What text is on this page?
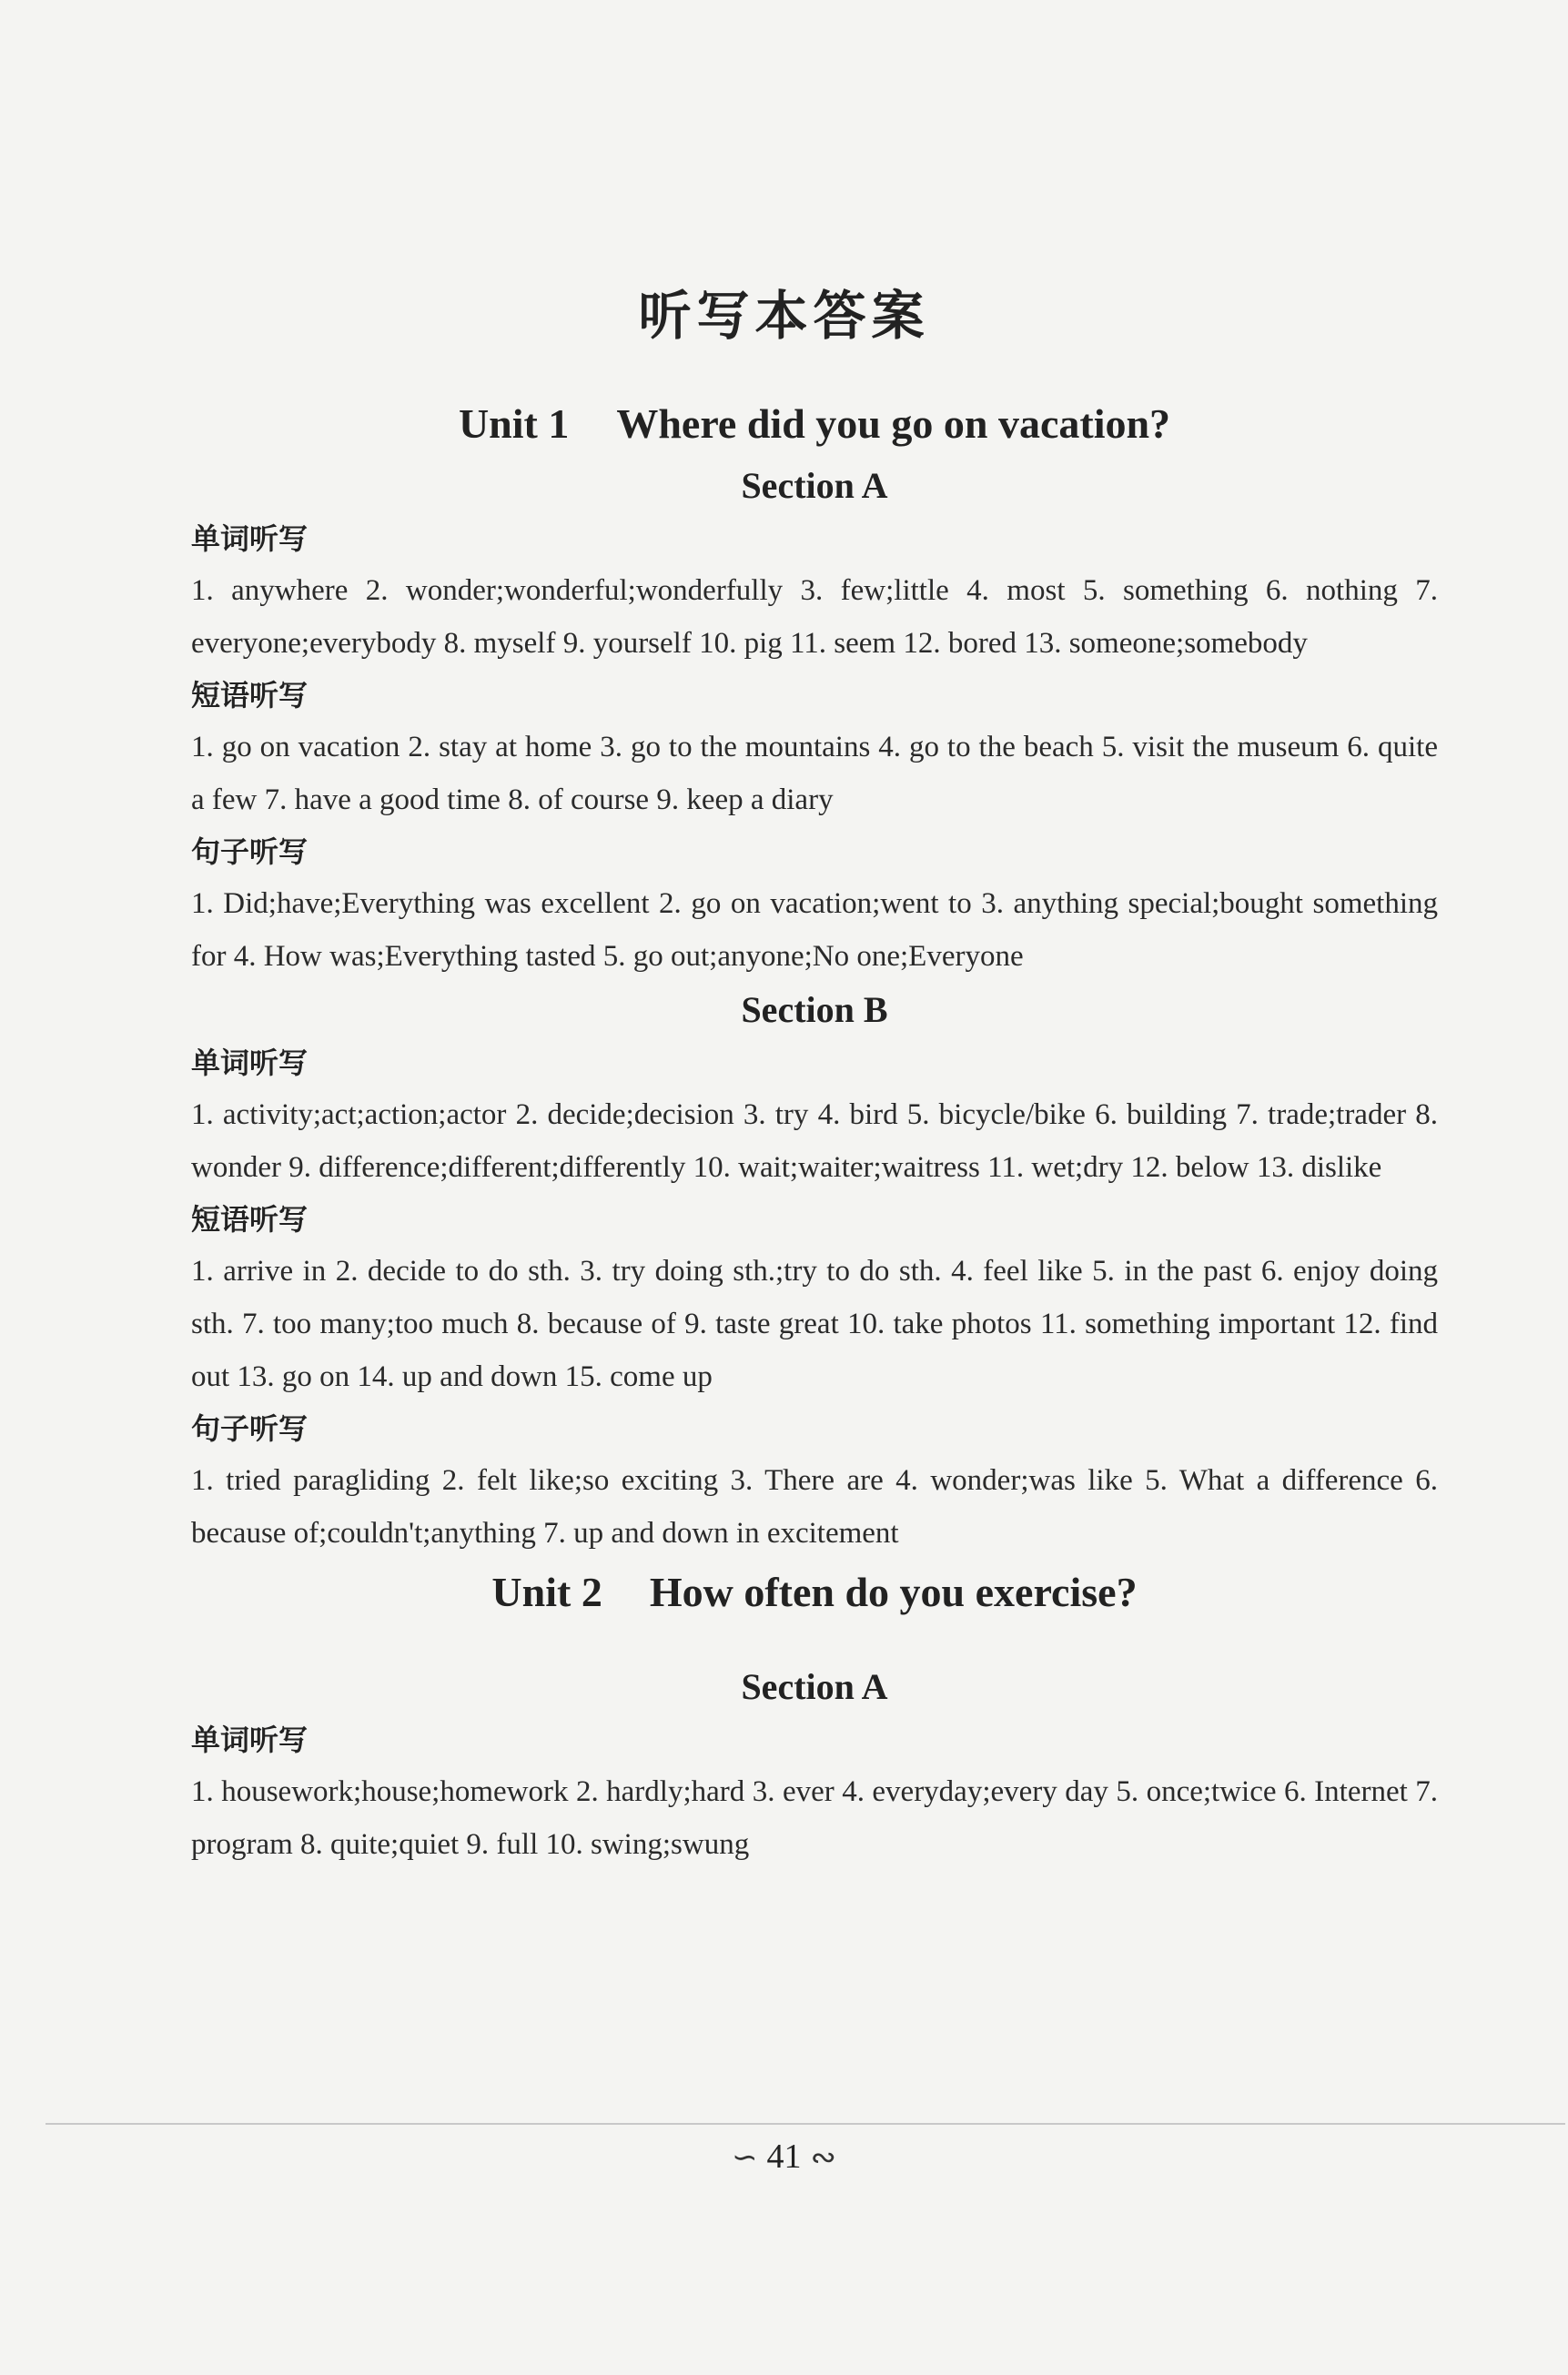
听写本答案
Unit 1 Where did you go on vacation?
Section A
单词听写
1. anywhere 2. wonder;wonderful;wonderfully 3. few;little 4. most 5. something 6. nothing 7. everyone;everybody 8. myself 9. yourself 10. pig 11. seem 12. bored 13. someone;somebody
短语听写
1. go on vacation 2. stay at home 3. go to the mountains 4. go to the beach 5. visit the museum 6. quite a few 7. have a good time 8. of course 9. keep a diary
句子听写
1. Did;have;Everything was excellent 2. go on vacation;went to 3. anything special;bought something for 4. How was;Everything tasted 5. go out;anyone;No one;Everyone
Section B
单词听写
1. activity;act;action;actor 2. decide;decision 3. try 4. bird 5. bicycle/bike 6. building 7. trade;trader 8. wonder 9. difference;different;differently 10. wait;waiter;waitress 11. wet;dry 12. below 13. dislike
短语听写
1. arrive in 2. decide to do sth. 3. try doing sth.;try to do sth. 4. feel like 5. in the past 6. enjoy doing sth. 7. too many;too much 8. because of 9. taste great 10. take photos 11. something important 12. find out 13. go on 14. up and down 15. come up
句子听写
1. tried paragliding 2. felt like;so exciting 3. There are 4. wonder;was like 5. What a difference 6. because of;couldn't;anything 7. up and down in excitement
Unit 2 How often do you exercise?
Section A
单词听写
1. housework;house;homework 2. hardly;hard 3. ever 4. everyday;every day 5. once;twice 6. Internet 7. program 8. quite;quiet 9. full 10. swing;swung
∽ 41 ∾
